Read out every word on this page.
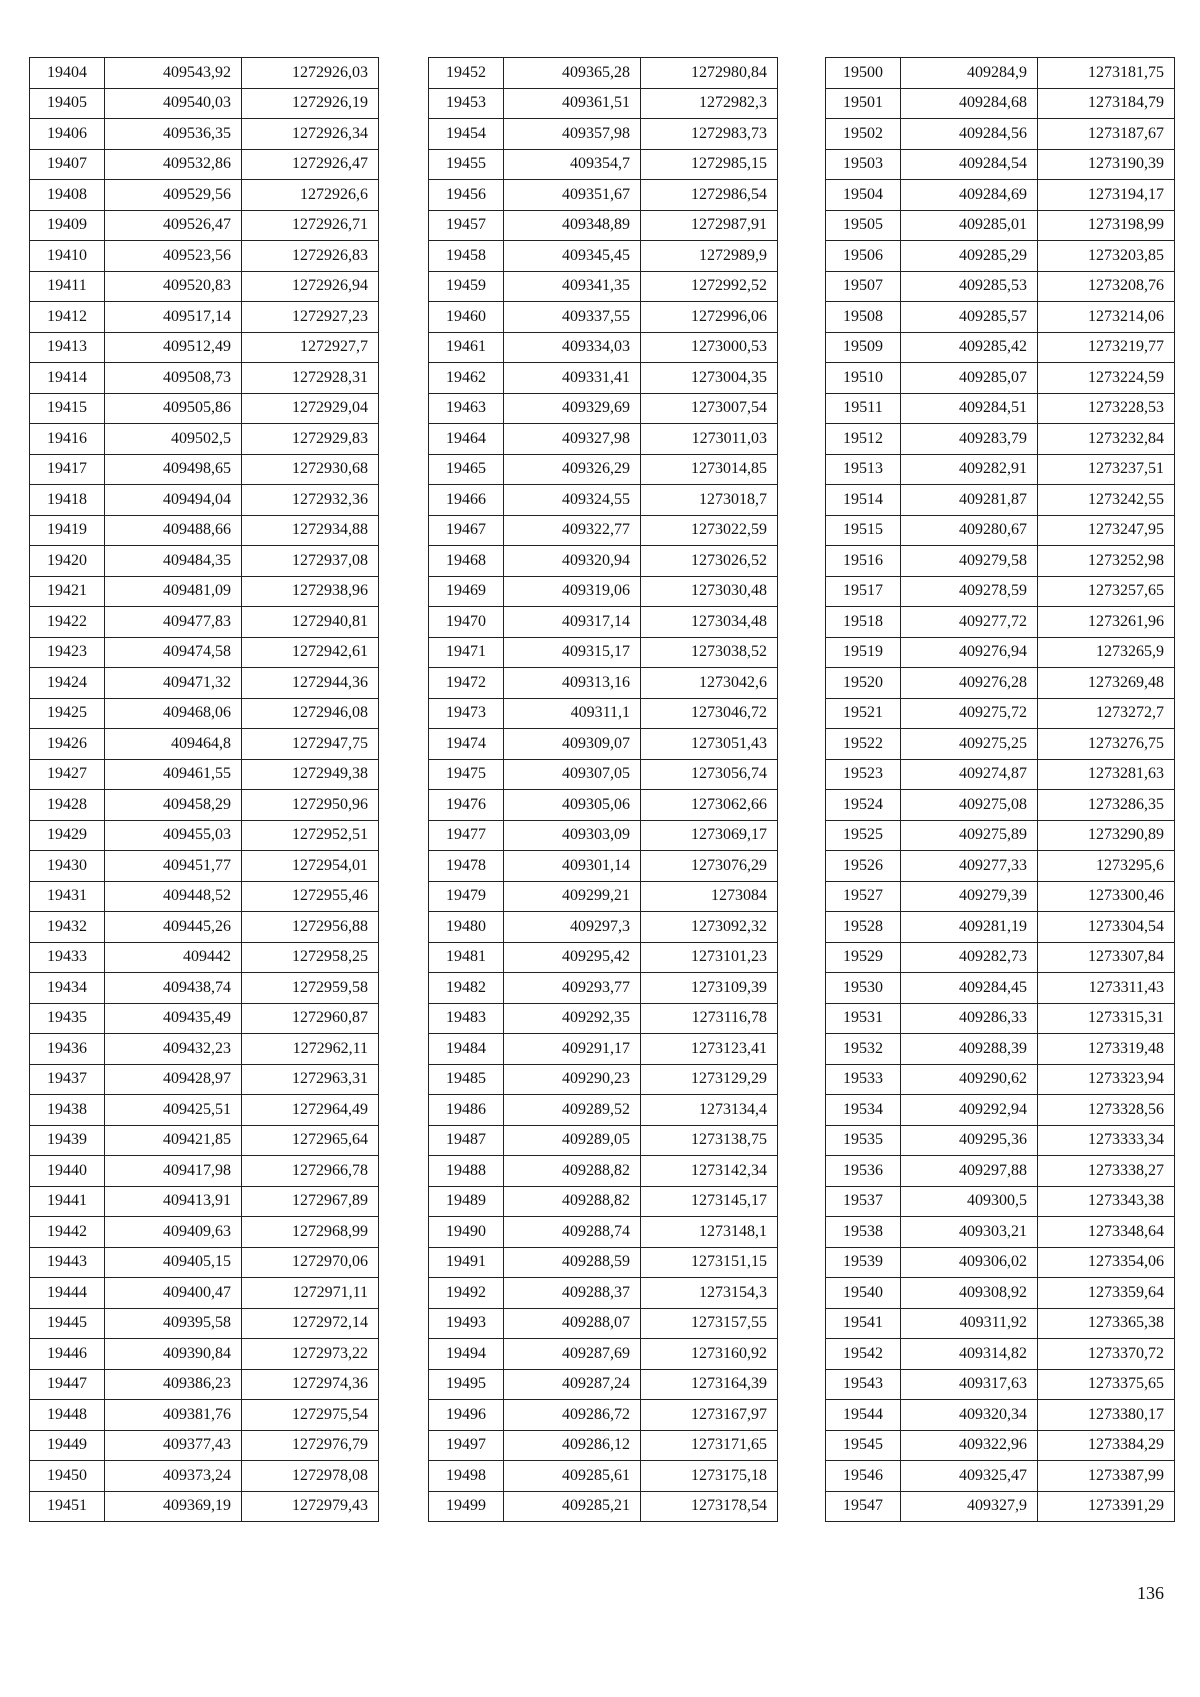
19404	409543,92	1272926,03
19405	409540,03	1272926,19
19406	409536,35	1272926,34
19407	409532,86	1272926,47
19408	409529,56	1272926,6
19409	409526,47	1272926,71
19410	409523,56	1272926,83
19411	409520,83	1272926,94
19412	409517,14	1272927,23
19413	409512,49	1272927,7
19414	409508,73	1272928,31
19415	409505,86	1272929,04
19416	409502,5	1272929,83
19417	409498,65	1272930,68
19418	409494,04	1272932,36
19419	409488,66	1272934,88
19420	409484,35	1272937,08
19421	409481,09	1272938,96
19422	409477,83	1272940,81
19423	409474,58	1272942,61
19424	409471,32	1272944,36
19425	409468,06	1272946,08
19426	409464,8	1272947,75
19427	409461,55	1272949,38
19428	409458,29	1272950,96
19429	409455,03	1272952,51
19430	409451,77	1272954,01
19431	409448,52	1272955,46
19432	409445,26	1272956,88
19433	409442	1272958,25
19434	409438,74	1272959,58
19435	409435,49	1272960,87
19436	409432,23	1272962,11
19437	409428,97	1272963,31
19438	409425,51	1272964,49
19439	409421,85	1272965,64
19440	409417,98	1272966,78
19441	409413,91	1272967,89
19442	409409,63	1272968,99
19443	409405,15	1272970,06
19444	409400,47	1272971,11
19445	409395,58	1272972,14
19446	409390,84	1272973,22
19447	409386,23	1272974,36
19448	409381,76	1272975,54
19449	409377,43	1272976,79
19450	409373,24	1272978,08
19451	409369,19	1272979,43
19452	409365,28	1272980,84
19453	409361,51	1272982,3
19454	409357,98	1272983,73
19455	409354,7	1272985,15
19456	409351,67	1272986,54
19457	409348,89	1272987,91
19458	409345,45	1272989,9
19459	409341,35	1272992,52
19460	409337,55	1272996,06
19461	409334,03	1273000,53
19462	409331,41	1273004,35
19463	409329,69	1273007,54
19464	409327,98	1273011,03
19465	409326,29	1273014,85
19466	409324,55	1273018,7
19467	409322,77	1273022,59
19468	409320,94	1273026,52
19469	409319,06	1273030,48
19470	409317,14	1273034,48
19471	409315,17	1273038,52
19472	409313,16	1273042,6
19473	409311,1	1273046,72
19474	409309,07	1273051,43
19475	409307,05	1273056,74
19476	409305,06	1273062,66
19477	409303,09	1273069,17
19478	409301,14	1273076,29
19479	409299,21	1273084
19480	409297,3	1273092,32
19481	409295,42	1273101,23
19482	409293,77	1273109,39
19483	409292,35	1273116,78
19484	409291,17	1273123,41
19485	409290,23	1273129,29
19486	409289,52	1273134,4
19487	409289,05	1273138,75
19488	409288,82	1273142,34
19489	409288,82	1273145,17
19490	409288,74	1273148,1
19491	409288,59	1273151,15
19492	409288,37	1273154,3
19493	409288,07	1273157,55
19494	409287,69	1273160,92
19495	409287,24	1273164,39
19496	409286,72	1273167,97
19497	409286,12	1273171,65
19498	409285,61	1273175,18
19499	409285,21	1273178,54
19500	409284,9	1273181,75
19501	409284,68	1273184,79
19502	409284,56	1273187,67
19503	409284,54	1273190,39
19504	409284,69	1273194,17
19505	409285,01	1273198,99
19506	409285,29	1273203,85
19507	409285,53	1273208,76
19508	409285,57	1273214,06
19509	409285,42	1273219,77
19510	409285,07	1273224,59
19511	409284,51	1273228,53
19512	409283,79	1273232,84
19513	409282,91	1273237,51
19514	409281,87	1273242,55
19515	409280,67	1273247,95
19516	409279,58	1273252,98
19517	409278,59	1273257,65
19518	409277,72	1273261,96
19519	409276,94	1273265,9
19520	409276,28	1273269,48
19521	409275,72	1273272,7
19522	409275,25	1273276,75
19523	409274,87	1273281,63
19524	409275,08	1273286,35
19525	409275,89	1273290,89
19526	409277,33	1273295,6
19527	409279,39	1273300,46
19528	409281,19	1273304,54
19529	409282,73	1273307,84
19530	409284,45	1273311,43
19531	409286,33	1273315,31
19532	409288,39	1273319,48
19533	409290,62	1273323,94
19534	409292,94	1273328,56
19535	409295,36	1273333,34
19536	409297,88	1273338,27
19537	409300,5	1273343,38
19538	409303,21	1273348,64
19539	409306,02	1273354,06
19540	409308,92	1273359,64
19541	409311,92	1273365,38
19542	409314,82	1273370,72
19543	409317,63	1273375,65
19544	409320,34	1273380,17
19545	409322,96	1273384,29
19546	409325,47	1273387,99
19547	409327,9	1273391,29
136
